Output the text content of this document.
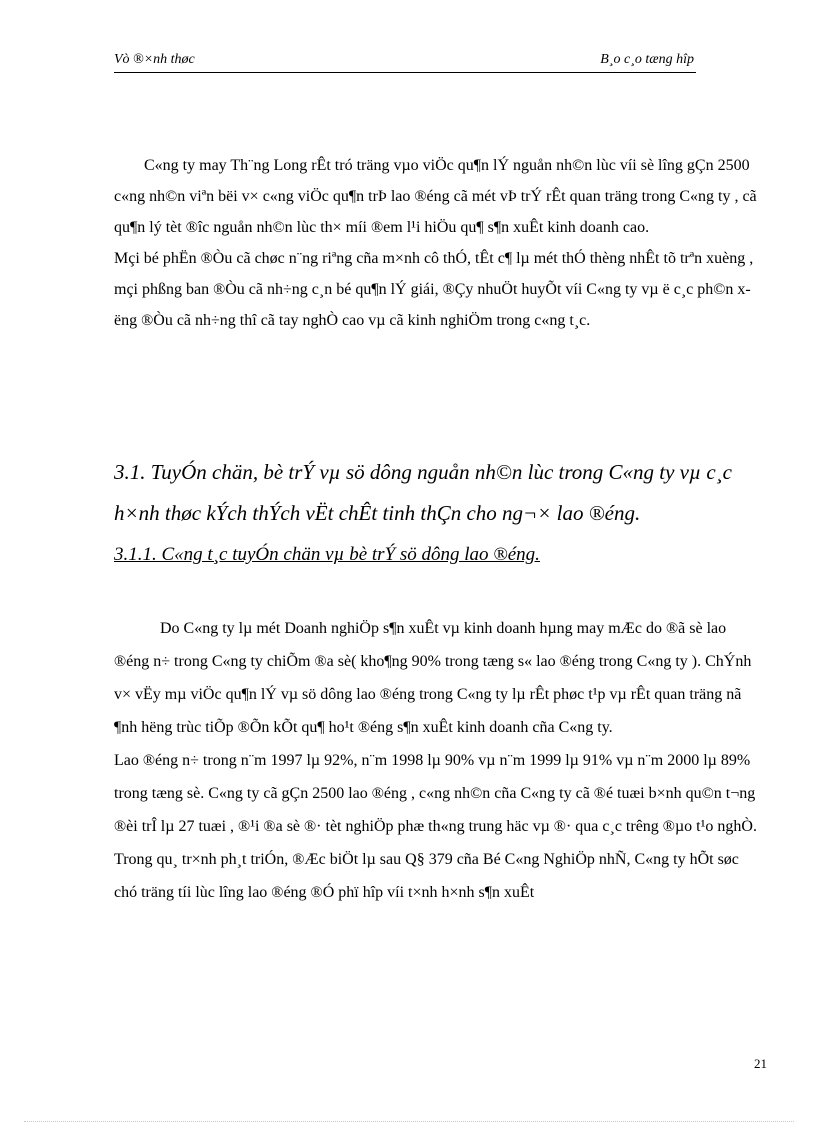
Vò ®×nh thøc	B¸o c¸o tæng hîp

C«ng ty may Th¨ng Long rÊt tró träng vµo viÖc qu¶n lÝ nguån nh©n lùc víi sè lîng gÇn 2500 c«ng nh©n viªn bëi v× c«ng viÖc qu¶n trÞ lao ®éng cã mét vÞ trÝ rÊt quan träng trong C«ng ty , cã qu¶n lý tèt ®îc nguån nh©n lùc th× míi ®em l¹i hiÖu qu¶ s¶n xuÊt kinh doanh cao.

Mçi bé phËn ®Òu cã chøc n¨ng riªng cña m×nh cô thÓ, tÊt c¶ lµ mét thÓ thèng nhÊt tõ trªn xuèng , mçi phßng ban ®Òu cã nh÷ng c¸n bé qu¶n lÝ giái, ®Çy nhuÖt huyÕt víi C«ng ty vµ ë c¸c ph©n xëng ®Òu cã nh÷ng thî cã tay nghÒ cao vµ cã kinh nghiÖm trong c«ng t¸c.

3.1. TuyÓn chän, bè trÝ vµ sö dông nguån nh©n lùc trong C«ng ty vµ c¸c h×nh thøc kÝch thÝch vËt chÊt tinh thÇn cho ng¬× lao ®éng.

3.1.1. C«ng t¸c tuyÓn chän vµ bè trÝ sö dông lao ®éng.

Do C«ng ty lµ mét Doanh nghiÖp s¶n xuÊt vµ kinh doanh hµng may mÆc do ®ã sè lao ®éng n÷ trong C«ng ty chiÕm ®a sè( kho¶ng 90% trong tæng s« lao ®éng trong C«ng ty ). ChÝnh v× vËy mµ viÖc qu¶n lÝ vµ sö dông lao ®éng trong C«ng ty lµ rÊt phøc t¹p vµ rÊt quan träng nã ¶nh hëng trùc tiÕp ®Õn kÕt qu¶ ho¹t ®éng s¶n xuÊt kinh doanh cña C«ng ty.

Lao ®éng n÷ trong n¨m 1997 lµ 92%, n¨m 1998 lµ 90% vµ n¨m 1999 lµ 91% vµ n¨m 2000 lµ 89% trong tæng sè. C«ng ty cã gÇn 2500 lao ®éng , c«ng nh©n cña C«ng ty cã ®é tuæi b×nh qu©n t¬ng ®èi trÎ lµ 27 tuæi , ®¹i ®a sè ®· tèt nghiÖp phæ th«ng trung häc vµ ®· qua c¸c trêng ®µo t¹o nghÒ.

Trong qu¸ tr×nh ph¸t triÓn, ®Æc biÖt lµ sau Q§ 379 cña Bé C«ng NghiÖp nhÑ, C«ng ty hÕt søc chó träng tíi lùc lîng lao ®éng ®Ó phï hîp víi t×nh h×nh s¶n xuÊt

21
